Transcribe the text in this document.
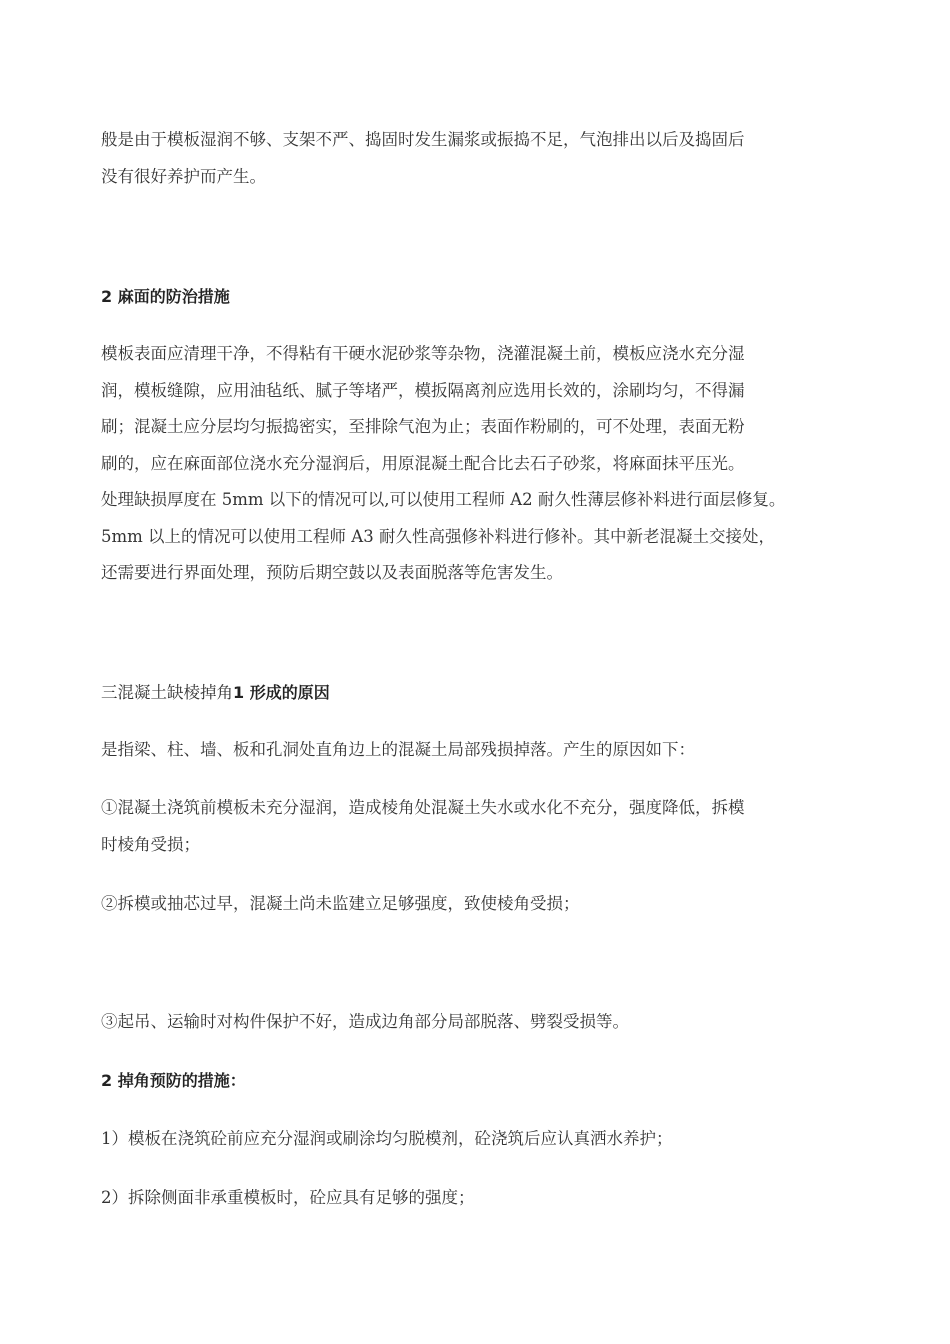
般是由于模板湿润不够、支架不严、捣固时发生漏浆或振捣不足，气泡排出以后及捣固后
没有很好养护而产生。

2 麻面的防治措施

模板表面应清理干净，不得粘有干硬水泥砂浆等杂物，浇灌混凝土前，模板应浇水充分湿
润，模板缝隙，应用油毡纸、腻子等堵严，模扳隔离剂应选用长效的，涂刷均匀，不得漏
刷；混凝土应分层均匀振捣密实，至排除气泡为止；表面作粉刷的，可不处理，表面无粉
刷的，应在麻面部位浇水充分湿润后，用原混凝土配合比去石子砂浆，将麻面抹平压光。
处理缺损厚度在 5mm 以下的情况可以,可以使用工程师 A2 耐久性薄层修补料进行面层修复。
5mm 以上的情况可以使用工程师 A3 耐久性高强修补料进行修补。其中新老混凝土交接处，
还需要进行界面处理，预防后期空鼓以及表面脱落等危害发生。

三混凝土缺棱掉角1 形成的原因

是指梁、柱、墙、板和孔洞处直角边上的混凝土局部残损掉落。产生的原因如下：

①混凝土浇筑前模板未充分湿润，造成棱角处混凝土失水或水化不充分，强度降低，拆模
时棱角受损；

②拆模或抽芯过早，混凝土尚未监建立足够强度，致使棱角受损；

③起吊、运输时对构件保护不好，造成边角部分局部脱落、劈裂受损等。

2 掉角预防的措施：

1）模板在浇筑砼前应充分湿润或刷涂均匀脱模剂，砼浇筑后应认真洒水养护；

2）拆除侧面非承重模板时，砼应具有足够的强度；
